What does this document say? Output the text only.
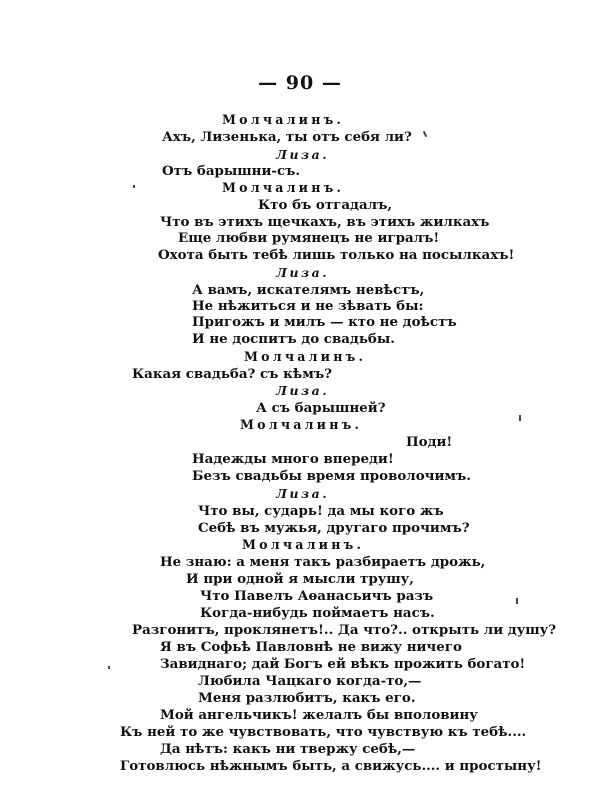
— 90 —
Молчалинъ.
Ахъ, Лизенька, ты отъ себя ли?
Лиза.
Отъ барышни-съ.
Молчалинъ.
Кто бъ отгадалъ,
Что въ этихъ щечкахъ, въ этихъ жилкахъ
Еще любви румянецъ не игралъ!
Охота быть тебѣ лишь только на посылкахъ!
Лиза.
А вамъ, искателямъ невѣстъ,
Не нѣжиться и не зѣвать бы:
Пригожъ и милъ — кто не доѣстъ
И не доспитъ до свадьбы.
Молчалинъ.
Какая свадьба? съ кѣмъ?
Лиза.
А съ барышней?
Молчалинъ.
Поди!
Надежды много впереди!
Безъ свадьбы время проволочимъ.
Лиза.
Что вы, сударь! да мы кого жъ
Себѣ въ мужья, другаго прочимъ?
Молчалинъ.
Не знаю: а меня такъ разбираетъ дрожь,
И при одной я мысли трушу,
Что Павелъ Аѳанасьичъ разъ
Когда-нибудь поймаетъ насъ.
Разгонитъ, проклянетъ!.. Да что?.. открыть ли душу?
Я въ Софьѣ Павловнѣ не вижу ничего
Завиднаго; дай Богъ ей вѣкъ прожить богато!
Любила Чацкаго когда-то,—
Меня разлюбитъ, какъ его.
Мой ангельчикъ! желалъ бы вполовину
Къ ней то же чувствовать, что чувствую къ тебѣ....
Да нѣтъ: какъ ни твержу себѣ,—
Готовлюсь нѣжнымъ быть, а свижусь.... и простыну!
